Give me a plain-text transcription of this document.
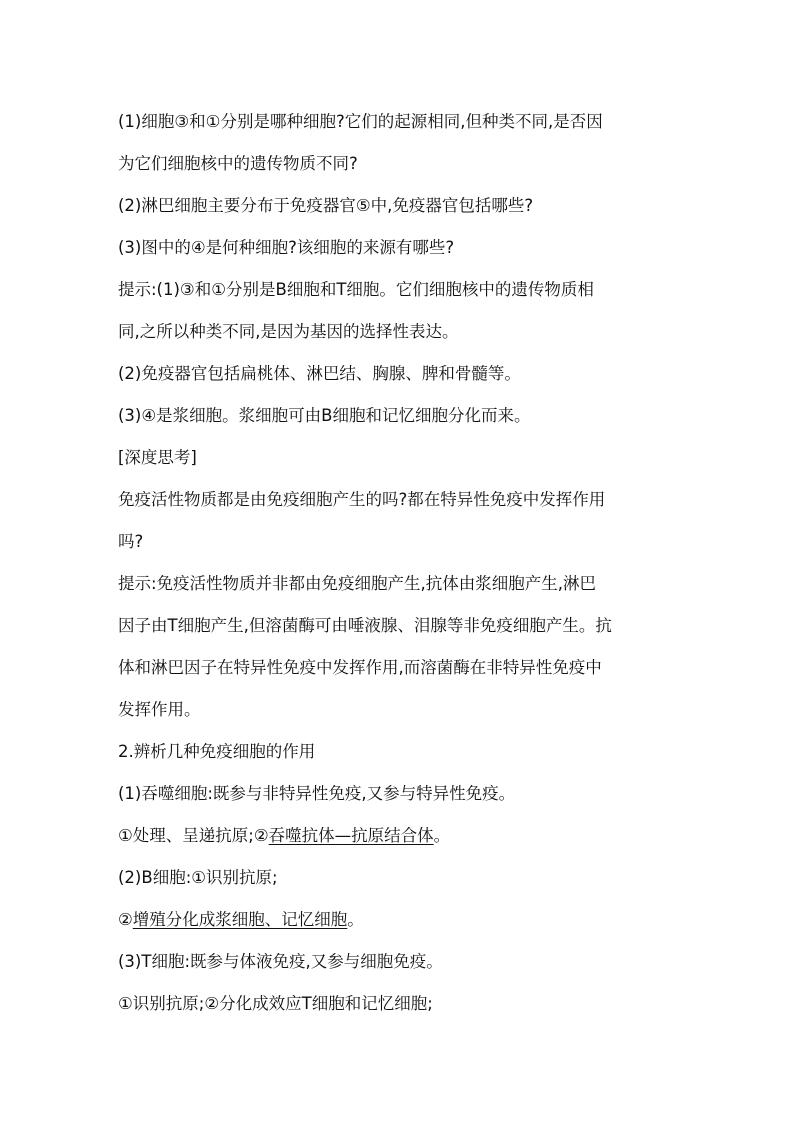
(1)细胞③和①分别是哪种细胞?它们的起源相同,但种类不同,是否因

为它们细胞核中的遗传物质不同?

(2)淋巴细胞主要分布于免疫器官⑤中,免疫器官包括哪些?

(3)图中的④是何种细胞?该细胞的来源有哪些?

提示:(1)③和①分别是B细胞和T细胞。它们细胞核中的遗传物质相

同,之所以种类不同,是因为基因的选择性表达。

(2)免疫器官包括扁桃体、淋巴结、胸腺、脾和骨髓等。

(3)④是浆细胞。浆细胞可由B细胞和记忆细胞分化而来。

[深度思考]

免疫活性物质都是由免疫细胞产生的吗?都在特异性免疫中发挥作用

吗?

提示:免疫活性物质并非都由免疫细胞产生,抗体由浆细胞产生,淋巴

因子由T细胞产生,但溶菌酶可由唾液腺、泪腺等非免疫细胞产生。抗

体和淋巴因子在特异性免疫中发挥作用,而溶菌酶在非特异性免疫中

发挥作用。

2.辨析几种免疫细胞的作用

(1)吞噬细胞:既参与非特异性免疫,又参与特异性免疫。

①处理、呈递抗原;②吞噬抗体—抗原结合体。

(2)B细胞:①识别抗原;

②增殖分化成浆细胞、记忆细胞。

(3)T细胞:既参与体液免疫,又参与细胞免疫。

①识别抗原;②分化成效应T细胞和记忆细胞;
